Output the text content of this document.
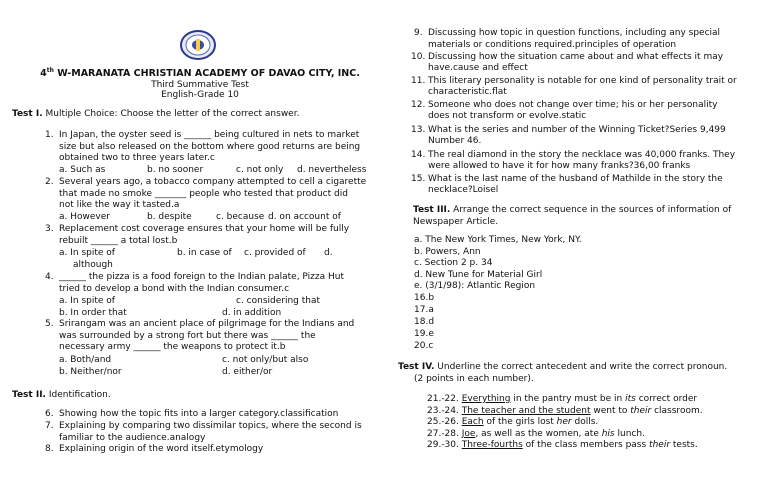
4th W-MARANATA CHRISTIAN ACADEMY OF DAVAO CITY, INC.
Third Summative Test
English-Grade 10
Test I. Multiple Choice: Choose the letter of the correct answer.
1. In Japan, the oyster seed is ______ being cultured in nets to market
size but also released on the bottom where good returns are being
obtained two to three years later.c
a. Such as	b. no sooner	c. not only d. nevertheless
2. Several years ago, a tobacco company attempted to cell a cigarette
that made no smoke _______ people who tested that product did
not like the way it tasted.a
a. However	b. despite	c. because d. on account of
3. Replacement cost coverage ensures that your home will be fully
rebuilt ______ a total lost.b
a. In spite of	b. in case of c. provided of d.
although
4. ______ the pizza is a food foreign to the Indian palate, Pizza Hut
tried to develop a bond with the Indian consumer.c
a. In spite of	c. considering that
b. In order that	d. in addition
5. Srirangam was an ancient place of pilgrimage for the Indians and
was surrounded by a strong fort but there was ______ the
necessary army ______ the weapons to protect it.b
a. Both/and	c. not only/but also
b. Neither/nor	d. either/or
Test II. Identification.
6. Showing how the topic fits into a larger category.classification
7. Explaining by comparing two dissimilar topics, where the second is
familiar to the audience.analogy
8. Explaining origin of the word itself.etymology
9. Discussing how topic in question functions, including any special
materials or conditions required.principles of operation
10. Discussing how the situation came about and what effects it may
have.cause and effect
11. This literary personality is notable for one kind of personality trait or
characteristic.flat
12. Someone who does not change over time; his or her personality
does not transform or evolve.static
13. What is the series and number of the Winning Ticket?Series 9,499
Number 46.
14. The real diamond in the story the necklace was 40,000 franks. They
were allowed to have it for how many franks?36,00 franks
15. What is the last name of the husband of Mathilde in the story the
necklace?Loisel
Test III. Arrange the correct sequence in the sources of information of
Newspaper Article.
a. The New York Times, New York, NY.
b. Powers, Ann
c. Section 2 p. 34
d. New Tune for Material Girl
e. (3/1/98): Atlantic Region
16.b
17.a
18.d
19.e
20.c
Test IV. Underline the correct antecedent and write the correct pronoun.
(2 points in each number).
21.-22. Everything in the pantry must be in its correct order
23.-24. The teacher and the student went to their classroom.
25.-26. Each of the girls lost her dolls.
27.-28. Joe, as well as the women, ate his lunch.
29.-30. Three-fourths of the class members pass their tests.
